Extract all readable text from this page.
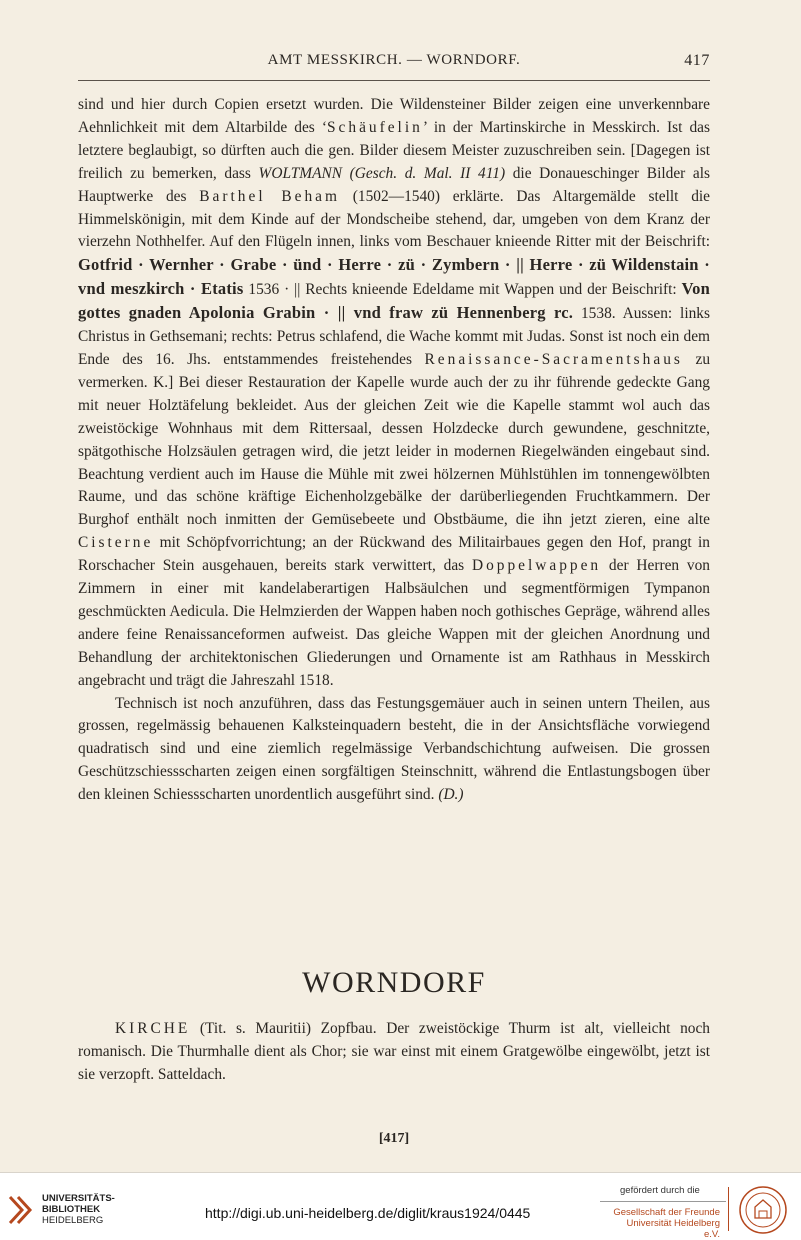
AMT MESSKIRCH. — WORNDORF.	417

sind und hier durch Copien ersetzt wurden. Die Wildensteiner Bilder zeigen eine unverkennbare Aehnlichkeit mit dem Altarbilde des ‘Schäufelin’ in der Martinskirche in Messkirch. Ist das letztere beglaubigt, so dürften auch die gen. Bilder diesem Meister zuzuschreiben sein. [Dagegen ist freilich zu bemerken, dass WOLTMANN (Gesch. d. Mal. II 411) die Donaueschinger Bilder als Hauptwerke des Barthel Beham (1502—1540) erklärte. Das Altargemälde stellt die Himmelskönigin, mit dem Kinde auf der Mondscheibe stehend, dar, umgeben von dem Kranz der vierzehn Nothhelfer. Auf den Flügeln innen, links vom Beschauer knieende Ritter mit der Beischrift: Gotfrid · Wernher · Grabe · ünd · Herre · zü · Zymbern · || Herre · zü Wildenstain · vnd meszkirch · Etatis 1536 · || Rechts knieende Edeldame mit Wappen und der Beischrift: Von gottes gnaden Apolonia Grabin · || vnd fraw zü Hennenberg rc. 1538. Aussen: links Christus in Gethsemani; rechts: Petrus schlafend, die Wache kommt mit Judas. Sonst ist noch ein dem Ende des 16. Jhs. entstammendes freistehendes Renaissance-Sacramentshaus zu vermerken. K.] Bei dieser Restauration der Kapelle wurde auch der zu ihr führende gedeckte Gang mit neuer Holztäfelung bekleidet. Aus der gleichen Zeit wie die Kapelle stammt wol auch das zweistöckige Wohnhaus mit dem Rittersaal, dessen Holzdecke durch gewundene, geschnitzte, spätgothische Holzsäulen getragen wird, die jetzt leider in modernen Riegelwänden eingebaut sind. Beachtung verdient auch im Hause die Mühle mit zwei hölzernen Mühlstühlen im tonnengewölbten Raume, und das schöne kräftige Eichenholzgebälke der darüberliegenden Fruchtkammern. Der Burghof enthält noch inmitten der Gemüsebeete und Obstbäume, die ihn jetzt zieren, eine alte Cisterne mit Schöpfvorrichtung; an der Rückwand des Militairbaues gegen den Hof, prangt in Rorschacher Stein ausgehauen, bereits stark verwittert, das Doppelwappen der Herren von Zimmern in einer mit kandelaberartigen Halbsäulchen und segmentförmigen Tympanon geschmückten Aedicula. Die Helmzierden der Wappen haben noch gothisches Gepräge, während alles andere feine Renaissanceformen aufweist. Das gleiche Wappen mit der gleichen Anordnung und Behandlung der architektonischen Gliederungen und Ornamente ist am Rathhaus in Messkirch angebracht und trägt die Jahreszahl 1518.

Technisch ist noch anzuführen, dass das Festungsgemäuer auch in seinen untern Theilen, aus grossen, regelmässig behauenen Kalksteinquadern besteht, die in der Ansichtsfläche vorwiegend quadratisch sind und eine ziemlich regelmässige Verbandschichtung aufweisen. Die grossen Geschützschiessscharten zeigen einen sorgfältigen Steinschnitt, während die Entlastungsbogen über den kleinen Schiessscharten unordentlich ausgeführt sind. (D.)

WORNDORF

KIRCHE (Tit. s. Mauritii) Zopfbau. Der zweistöckige Thurm ist alt, vielleicht noch romanisch. Die Thurmhalle dient als Chor; sie war einst mit einem Gratgewölbe eingewölbt, jetzt ist sie verzopft. Satteldach.

[417]
UNIVERSITÄTS-
BIBLIOTHEK
HEIDELBERG	http://digi.ub.uni-heidelberg.de/diglit/kraus1924/0445
gefördert durch die
Gesellschaft der Freunde
Universität Heidelberg e.V.
